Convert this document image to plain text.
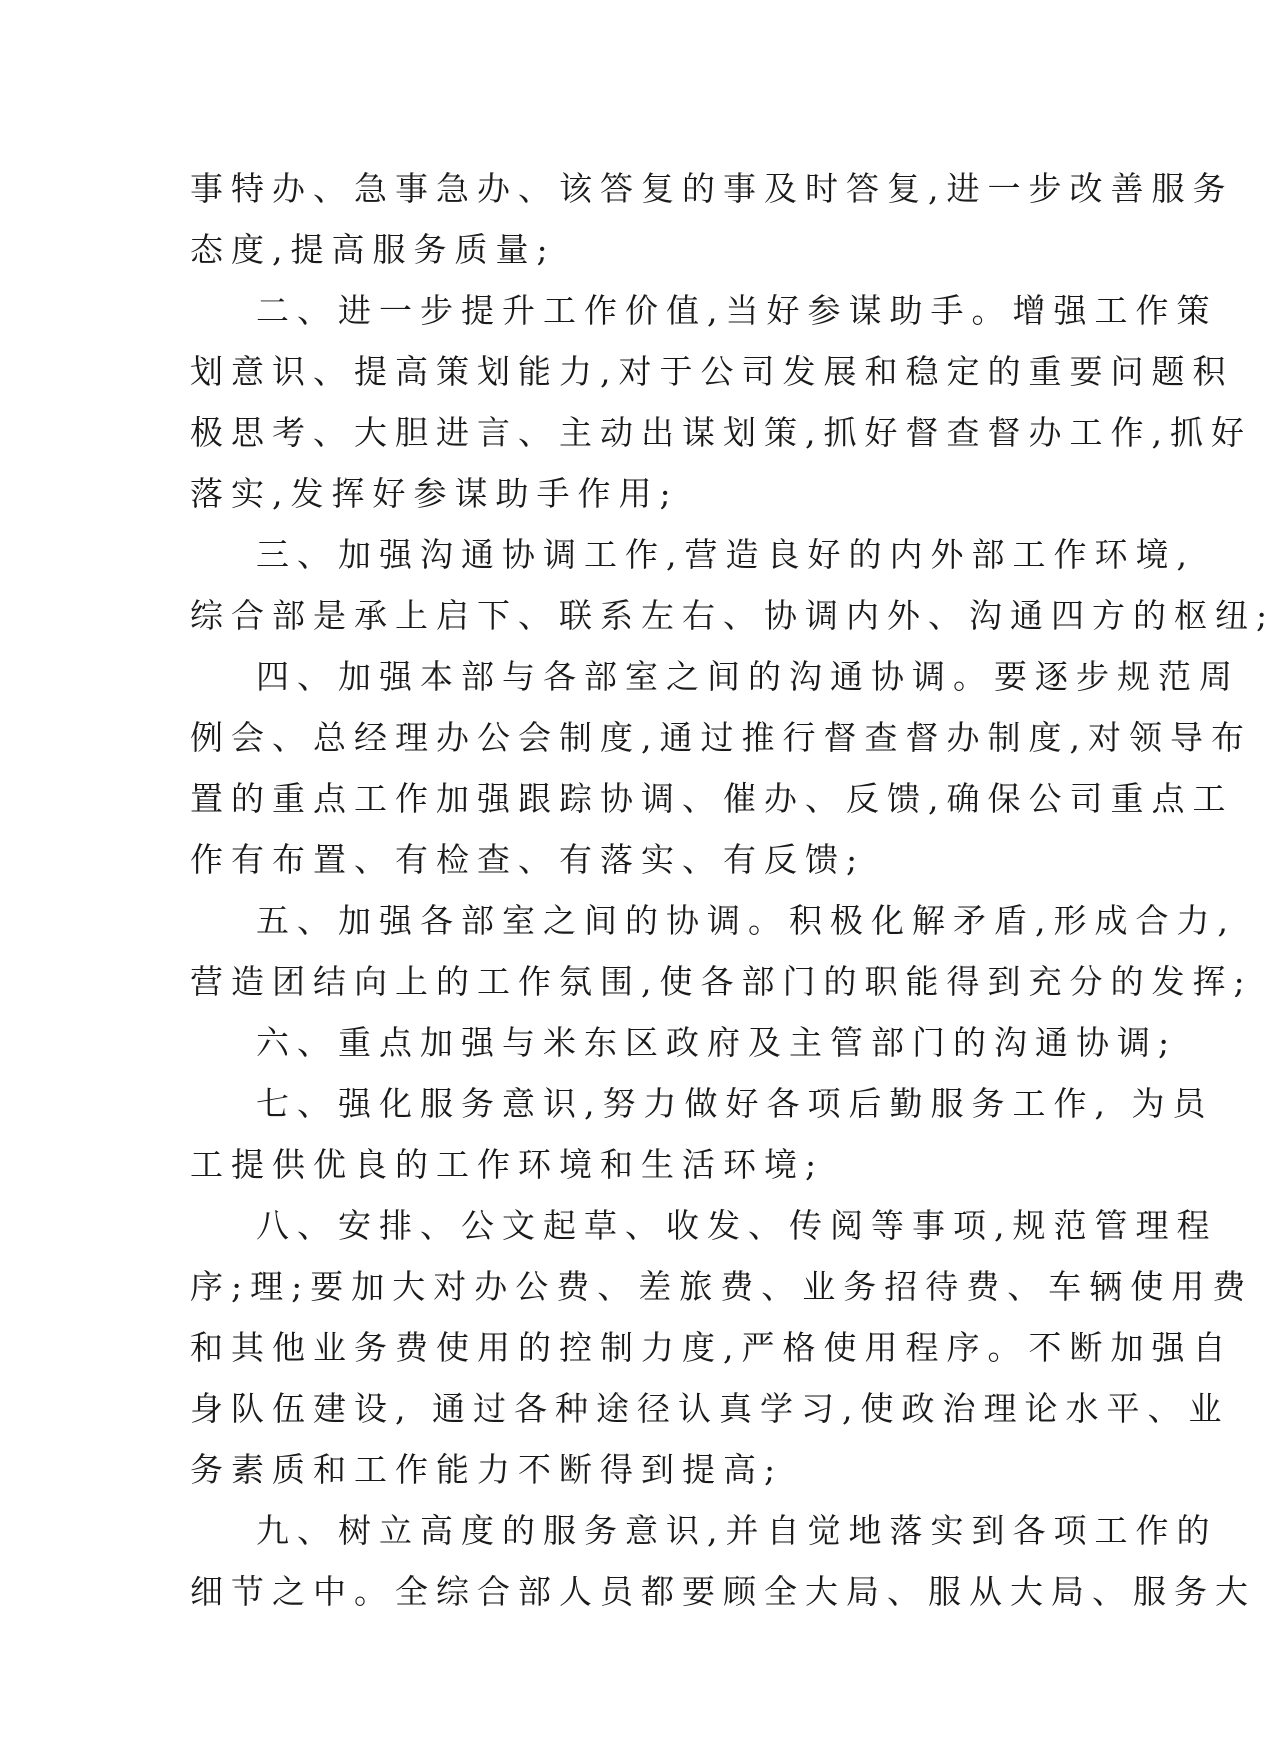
事特办、急事急办、该答复的事及时答复,进一步改善服务
态度,提高服务质量;
二、进一步提升工作价值,当好参谋助手。增强工作策
划意识、提高策划能力,对于公司发展和稳定的重要问题积
极思考、大胆进言、主动出谋划策,抓好督查督办工作,抓好
落实,发挥好参谋助手作用;
三、加强沟通协调工作,营造良好的内外部工作环境,
综合部是承上启下、联系左右、协调内外、沟通四方的枢纽;
四、加强本部与各部室之间的沟通协调。要逐步规范周
例会、总经理办公会制度,通过推行督查督办制度,对领导布
置的重点工作加强跟踪协调、催办、反馈,确保公司重点工
作有布置、有检查、有落实、有反馈;
五、加强各部室之间的协调。积极化解矛盾,形成合力,
营造团结向上的工作氛围,使各部门的职能得到充分的发挥;
六、重点加强与米东区政府及主管部门的沟通协调;
七、强化服务意识,努力做好各项后勤服务工作, 为员
工提供优良的工作环境和生活环境;
八、安排、公文起草、收发、传阅等事项,规范管理程
序;理;要加大对办公费、差旅费、业务招待费、车辆使用费
和其他业务费使用的控制力度,严格使用程序。不断加强自
身队伍建设, 通过各种途径认真学习,使政治理论水平、业
务素质和工作能力不断得到提高;
九、树立高度的服务意识,并自觉地落实到各项工作的
细节之中。全综合部人员都要顾全大局、服从大局、服务大
